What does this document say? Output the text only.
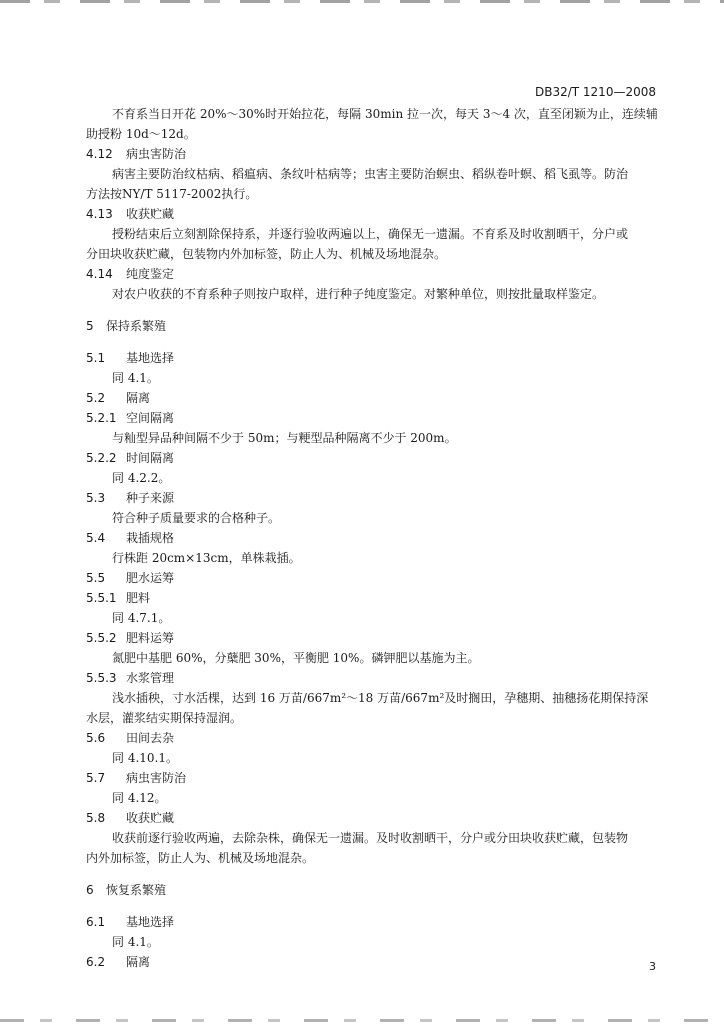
DB32/T 1210—2008
不育系当日开花 20%～30%时开始拉花，每隔 30min 拉一次，每天 3～4 次，直至闭颖为止，连续辅
助授粉 10d～12d。
4.12 病虫害防治
病害主要防治纹枯病、稻瘟病、条纹叶枯病等；虫害主要防治螟虫、稻纵卷叶螟、稻飞虱等。防治
方法按NY/T 5117-2002执行。
4.13 收获贮藏
授粉结束后立刻割除保持系，并逐行验收两遍以上，确保无一遗漏。不育系及时收割晒干，分户或
分田块收获贮藏，包装物内外加标签，防止人为、机械及场地混杂。
4.14 纯度鉴定
对农户收获的不育系种子则按户取样，进行种子纯度鉴定。对繁种单位，则按批量取样鉴定。
5 保持系繁殖
5.1 基地选择
同 4.1。
5.2 隔离
5.2.1 空间隔离
与籼型异品种间隔不少于 50m；与粳型品种隔离不少于 200m。
5.2.2 时间隔离
同 4.2.2。
5.3 种子来源
符合种子质量要求的合格种子。
5.4 栽插规格
行株距 20cm×13cm，单株栽插。
5.5 肥水运筹
5.5.1 肥料
同 4.7.1。
5.5.2 肥料运筹
氮肥中基肥 60%，分蘖肥 30%，平衡肥 10%。磷钾肥以基施为主。
5.5.3 水浆管理
浅水插秧，寸水活棵，达到 16 万苗/667m²～18 万苗/667m²及时搁田，孕穗期、抽穗扬花期保持深
水层，灌浆结实期保持湿润。
5.6 田间去杂
同 4.10.1。
5.7 病虫害防治
同 4.12。
5.8 收获贮藏
收获前逐行验收两遍，去除杂株，确保无一遗漏。及时收割晒干，分户或分田块收获贮藏，包装物
内外加标签，防止人为、机械及场地混杂。
6 恢复系繁殖
6.1 基地选择
同 4.1。
6.2 隔离	3
